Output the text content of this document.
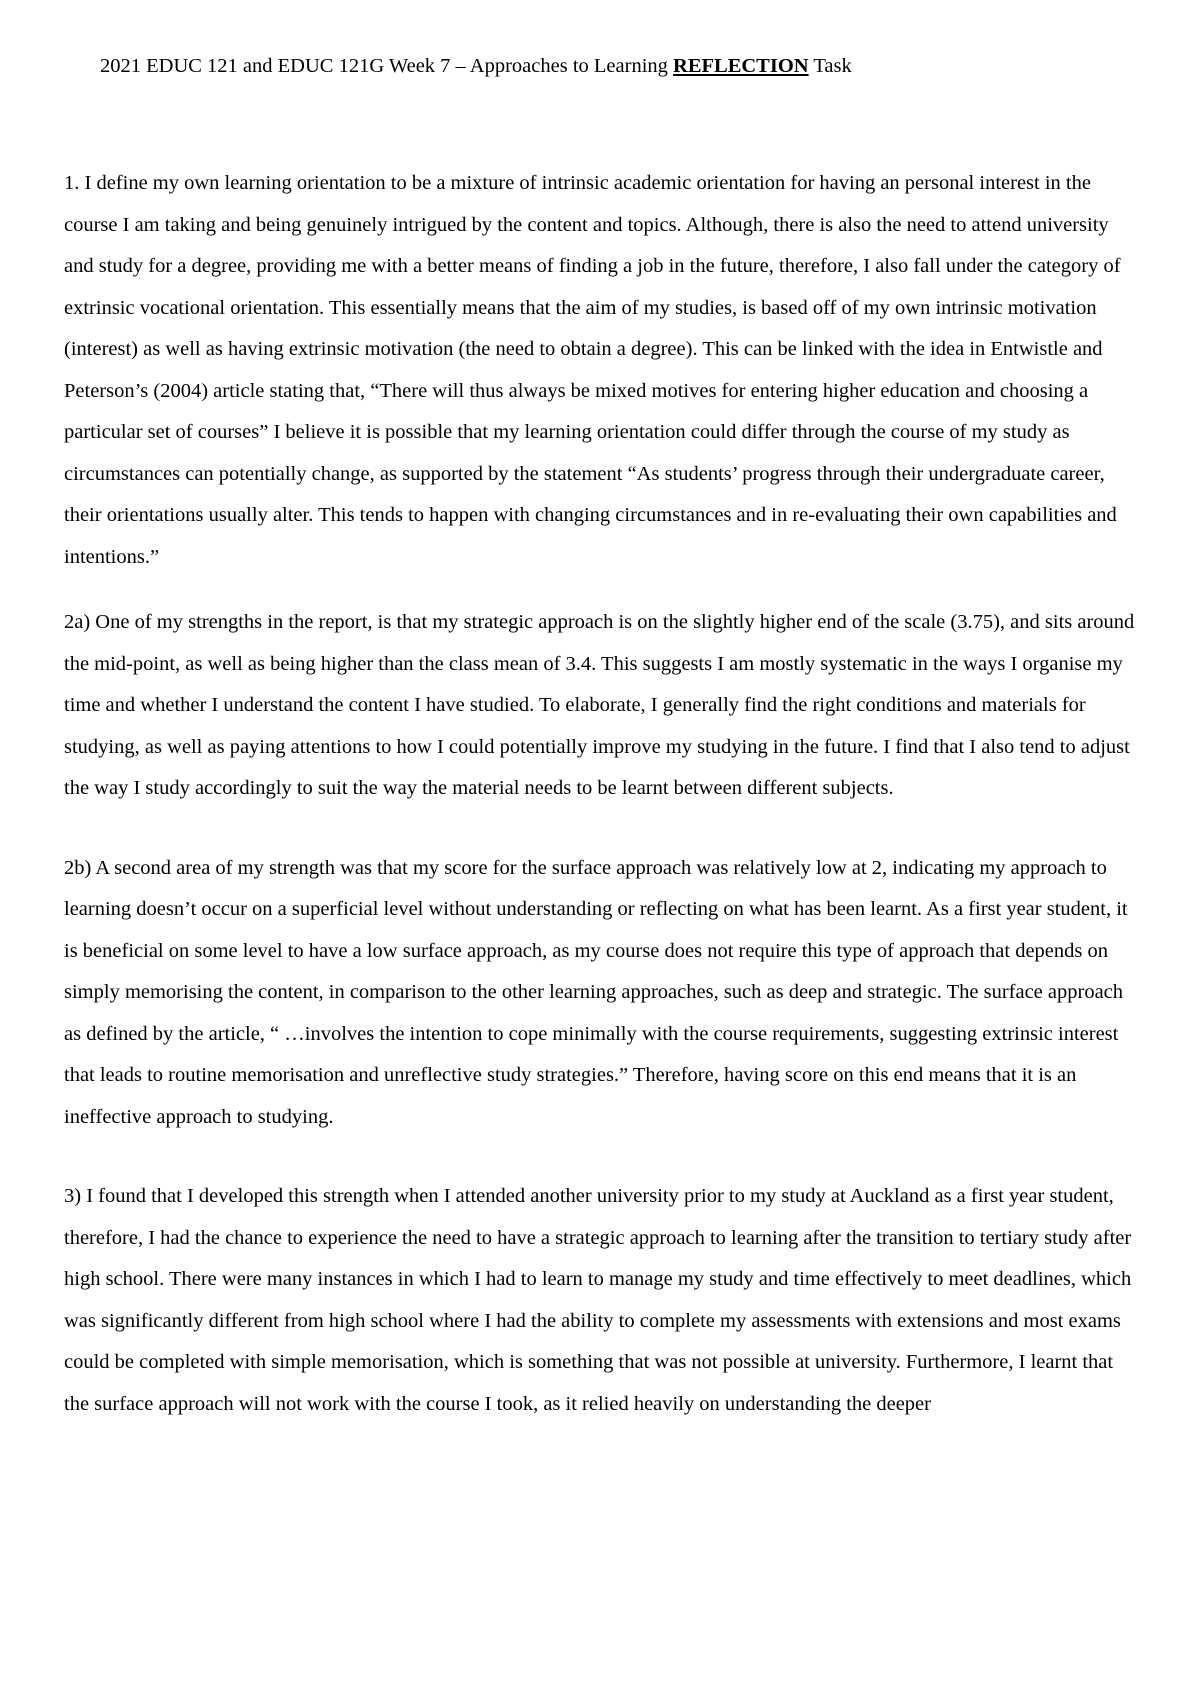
2021 EDUC 121 and EDUC 121G Week 7 – Approaches to Learning REFLECTION Task

1. I define my own learning orientation to be a mixture of intrinsic academic orientation for having an personal interest in the course I am taking and being genuinely intrigued by the content and topics. Although, there is also the need to attend university and study for a degree, providing me with a better means of finding a job in the future, therefore, I also fall under the category of extrinsic vocational orientation. This essentially means that the aim of my studies, is based off of my own intrinsic motivation (interest) as well as having extrinsic motivation (the need to obtain a degree). This can be linked with the idea in Entwistle and Peterson’s (2004) article stating that, “There will thus always be mixed motives for entering higher education and choosing a particular set of courses” I believe it is possible that my learning orientation could differ through the course of my study as circumstances can potentially change, as supported by the statement “As students’ progress through their undergraduate career, their orientations usually alter. This tends to happen with changing circumstances and in re-evaluating their own capabilities and intentions.”

2a) One of my strengths in the report, is that my strategic approach is on the slightly higher end of the scale (3.75), and sits around the mid-point, as well as being higher than the class mean of 3.4. This suggests I am mostly systematic in the ways I organise my time and whether I understand the content I have studied. To elaborate, I generally find the right conditions and materials for studying, as well as paying attentions to how I could potentially improve my studying in the future. I find that I also tend to adjust the way I study accordingly to suit the way the material needs to be learnt between different subjects.

2b) A second area of my strength was that my score for the surface approach was relatively low at 2, indicating my approach to learning doesn’t occur on a superficial level without understanding or reflecting on what has been learnt. As a first year student, it is beneficial on some level to have a low surface approach, as my course does not require this type of approach that depends on simply memorising the content, in comparison to the other learning approaches, such as deep and strategic. The surface approach as defined by the article, “ …involves the intention to cope minimally with the course requirements, suggesting extrinsic interest that leads to routine memorisation and unreflective study strategies.” Therefore, having score on this end means that it is an ineffective approach to studying.

3) I found that I developed this strength when I attended another university prior to my study at Auckland as a first year student, therefore, I had the chance to experience the need to have a strategic approach to learning after the transition to tertiary study after high school. There were many instances in which I had to learn to manage my study and time effectively to meet deadlines, which was significantly different from high school where I had the ability to complete my assessments with extensions and most exams could be completed with simple memorisation, which is something that was not possible at university. Furthermore, I learnt that the surface approach will not work with the course I took, as it relied heavily on understanding the deeper
